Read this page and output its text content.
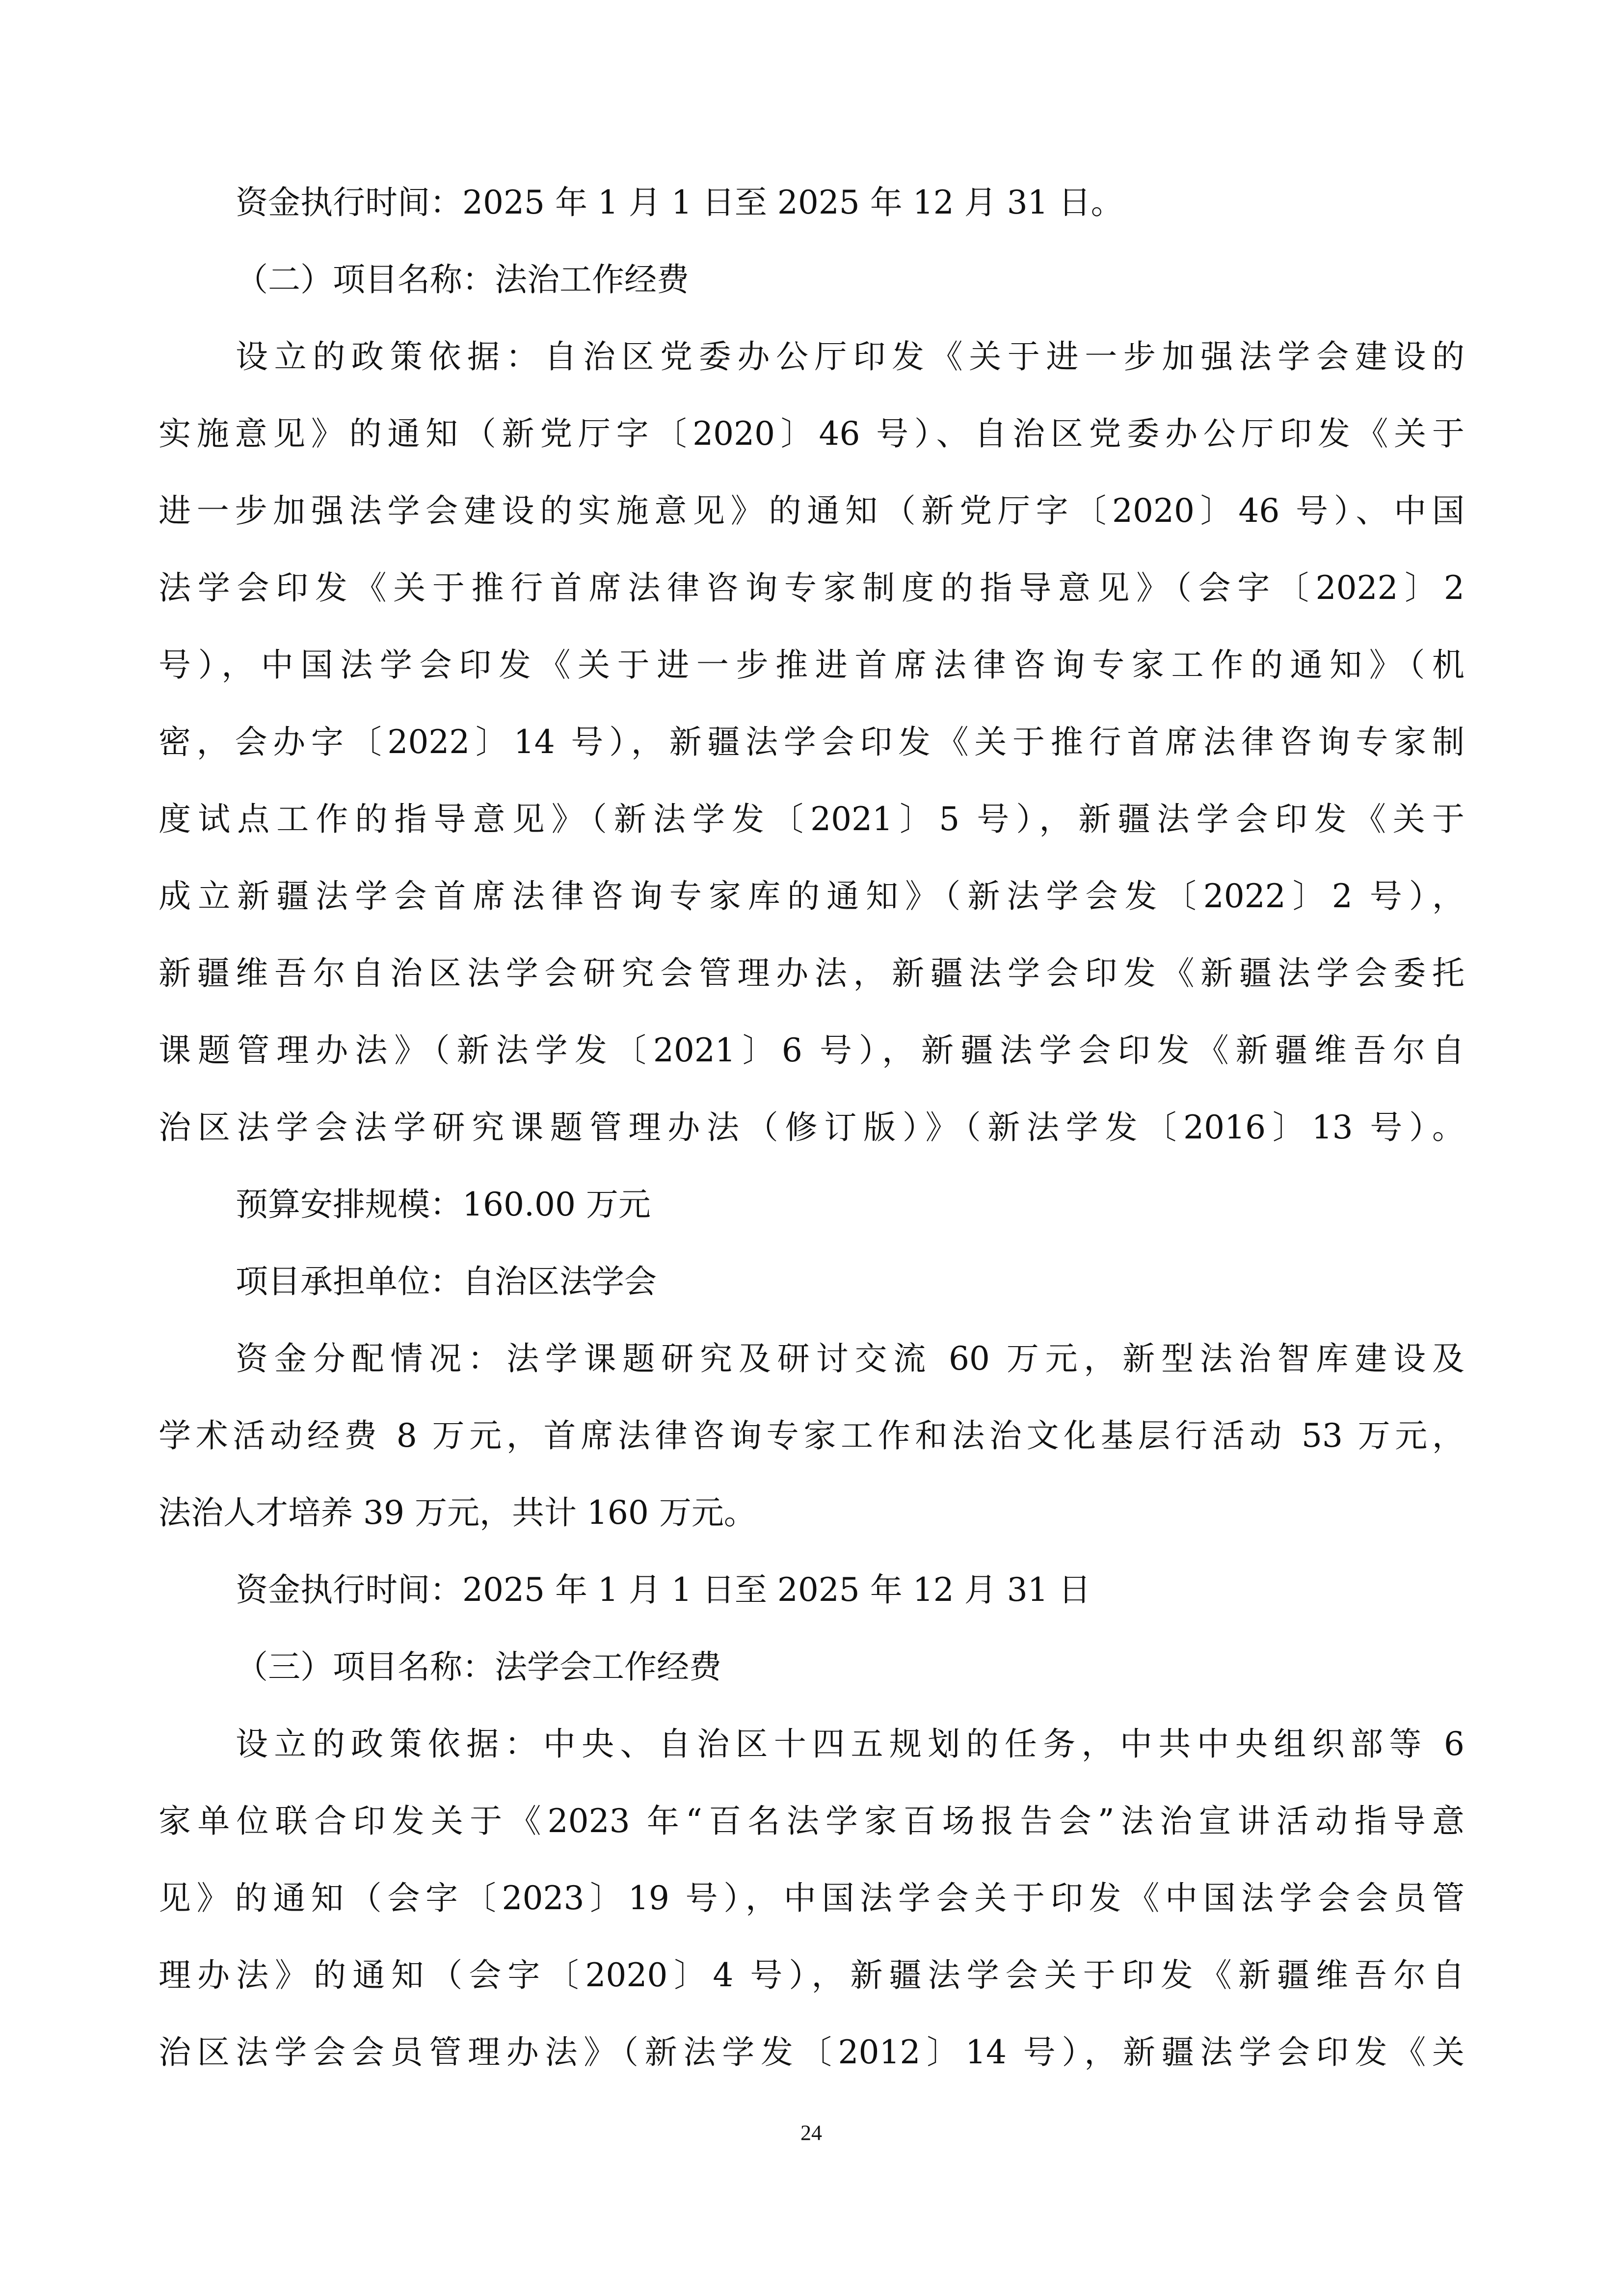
资金执行时间：2025 年 1 月 1 日至 2025 年 12 月 31 日。
（二）项目名称：法治工作经费
设立的政策依据：自治区党委办公厅印发《关于进一步加强法学会建设的
实施意见》的通知（新党厅字〔2020〕46 号）、自治区党委办公厅印发《关于
进一步加强法学会建设的实施意见》的通知（新党厅字〔2020〕46 号）、中国
法学会印发《关于推行首席法律咨询专家制度的指导意见》（会字〔2022〕2
号），中国法学会印发《关于进一步推进首席法律咨询专家工作的通知》（机
密，会办字〔2022〕14 号），新疆法学会印发《关于推行首席法律咨询专家制
度试点工作的指导意见》（新法学发〔2021〕5 号），新疆法学会印发《关于
成立新疆法学会首席法律咨询专家库的通知》（新法学会发〔2022〕2 号），
新疆维吾尔自治区法学会研究会管理办法，新疆法学会印发《新疆法学会委托
课题管理办法》（新法学发〔2021〕6 号），新疆法学会印发《新疆维吾尔自
治区法学会法学研究课题管理办法（修订版）》（新法学发〔2016〕13 号）。
预算安排规模：160.00 万元
项目承担单位：自治区法学会
资金分配情况：法学课题研究及研讨交流 60 万元，新型法治智库建设及
学术活动经费 8 万元，首席法律咨询专家工作和法治文化基层行活动 53 万元，
法治人才培养 39 万元，共计 160 万元。
资金执行时间：2025 年 1 月 1 日至 2025 年 12 月 31 日
（三）项目名称：法学会工作经费
设立的政策依据：中央、自治区十四五规划的任务，中共中央组织部等 6
家单位联合印发关于《2023 年“百名法学家百场报告会”法治宣讲活动指导意
见》的通知（会字〔2023〕19 号），中国法学会关于印发《中国法学会会员管
理办法》的通知（会字〔2020〕4 号），新疆法学会关于印发《新疆维吾尔自
治区法学会会员管理办法》（新法学发〔2012〕14 号），新疆法学会印发《关
24
